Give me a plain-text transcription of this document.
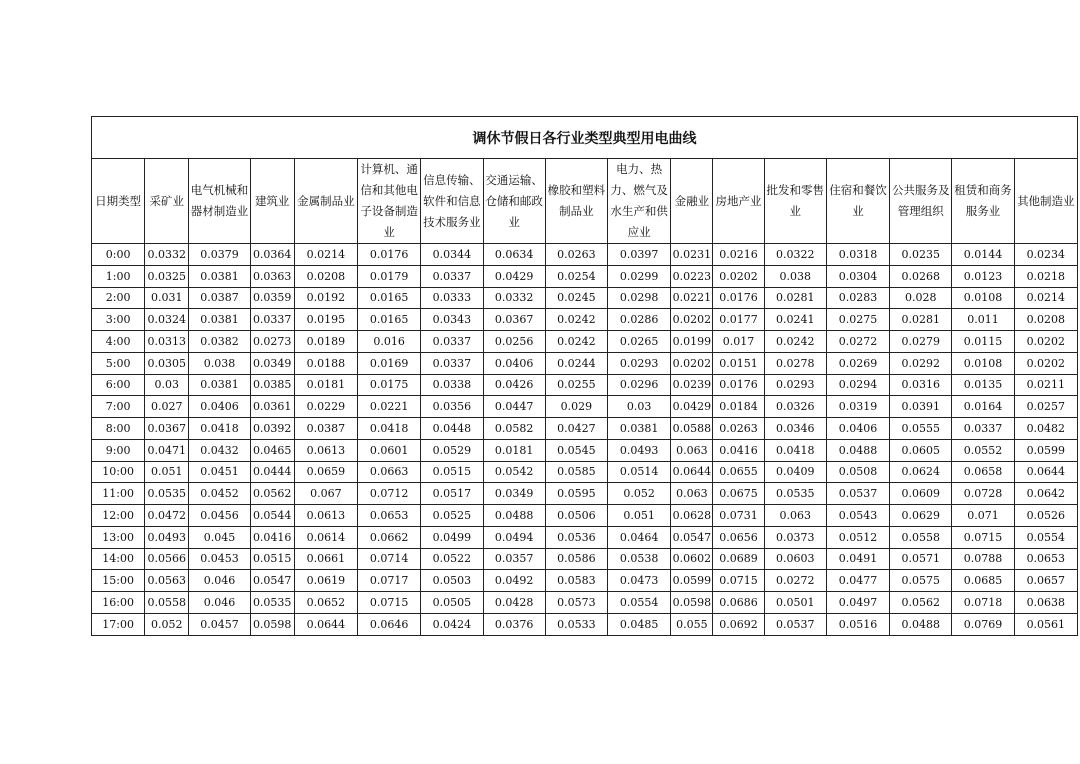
调休节假日各行业类型典型用电曲线																
日期类型	采矿业	电气机械和器材制造业	建筑业	金属制品业	计算机、通信和其他电子设备制造业	信息传输、软件和信息技术服务业	交通运输、仓储和邮政业	橡胶和塑料制品业	电力、热力、燃气及水生产和供应业	金融业	房地产业	批发和零售业	住宿和餐饮业	公共服务及管理组织	租赁和商务服务业	其他制造业
0:00	0.0332	0.0379	0.0364	0.0214	0.0176	0.0344	0.0634	0.0263	0.0397	0.0231	0.0216	0.0322	0.0318	0.0235	0.0144	0.0234
1:00	0.0325	0.0381	0.0363	0.0208	0.0179	0.0337	0.0429	0.0254	0.0299	0.0223	0.0202	0.038	0.0304	0.0268	0.0123	0.0218
2:00	0.031	0.0387	0.0359	0.0192	0.0165	0.0333	0.0332	0.0245	0.0298	0.0221	0.0176	0.0281	0.0283	0.028	0.0108	0.0214
3:00	0.0324	0.0381	0.0337	0.0195	0.0165	0.0343	0.0367	0.0242	0.0286	0.0202	0.0177	0.0241	0.0275	0.0281	0.011	0.0208
4:00	0.0313	0.0382	0.0273	0.0189	0.016	0.0337	0.0256	0.0242	0.0265	0.0199	0.017	0.0242	0.0272	0.0279	0.0115	0.0202
5:00	0.0305	0.038	0.0349	0.0188	0.0169	0.0337	0.0406	0.0244	0.0293	0.0202	0.0151	0.0278	0.0269	0.0292	0.0108	0.0202
6:00	0.03	0.0381	0.0385	0.0181	0.0175	0.0338	0.0426	0.0255	0.0296	0.0239	0.0176	0.0293	0.0294	0.0316	0.0135	0.0211
7:00	0.027	0.0406	0.0361	0.0229	0.0221	0.0356	0.0447	0.029	0.03	0.0429	0.0184	0.0326	0.0319	0.0391	0.0164	0.0257
8:00	0.0367	0.0418	0.0392	0.0387	0.0418	0.0448	0.0582	0.0427	0.0381	0.0588	0.0263	0.0346	0.0406	0.0555	0.0337	0.0482
9:00	0.0471	0.0432	0.0465	0.0613	0.0601	0.0529	0.0181	0.0545	0.0493	0.063	0.0416	0.0418	0.0488	0.0605	0.0552	0.0599
10:00	0.051	0.0451	0.0444	0.0659	0.0663	0.0515	0.0542	0.0585	0.0514	0.0644	0.0655	0.0409	0.0508	0.0624	0.0658	0.0644
11:00	0.0535	0.0452	0.0562	0.067	0.0712	0.0517	0.0349	0.0595	0.052	0.063	0.0675	0.0535	0.0537	0.0609	0.0728	0.0642
12:00	0.0472	0.0456	0.0544	0.0613	0.0653	0.0525	0.0488	0.0506	0.051	0.0628	0.0731	0.063	0.0543	0.0629	0.071	0.0526
13:00	0.0493	0.045	0.0416	0.0614	0.0662	0.0499	0.0494	0.0536	0.0464	0.0547	0.0656	0.0373	0.0512	0.0558	0.0715	0.0554
14:00	0.0566	0.0453	0.0515	0.0661	0.0714	0.0522	0.0357	0.0586	0.0538	0.0602	0.0689	0.0603	0.0491	0.0571	0.0788	0.0653
15:00	0.0563	0.046	0.0547	0.0619	0.0717	0.0503	0.0492	0.0583	0.0473	0.0599	0.0715	0.0272	0.0477	0.0575	0.0685	0.0657
16:00	0.0558	0.046	0.0535	0.0652	0.0715	0.0505	0.0428	0.0573	0.0554	0.0598	0.0686	0.0501	0.0497	0.0562	0.0718	0.0638
17:00	0.052	0.0457	0.0598	0.0644	0.0646	0.0424	0.0376	0.0533	0.0485	0.055	0.0692	0.0537	0.0516	0.0488	0.0769	0.0561
